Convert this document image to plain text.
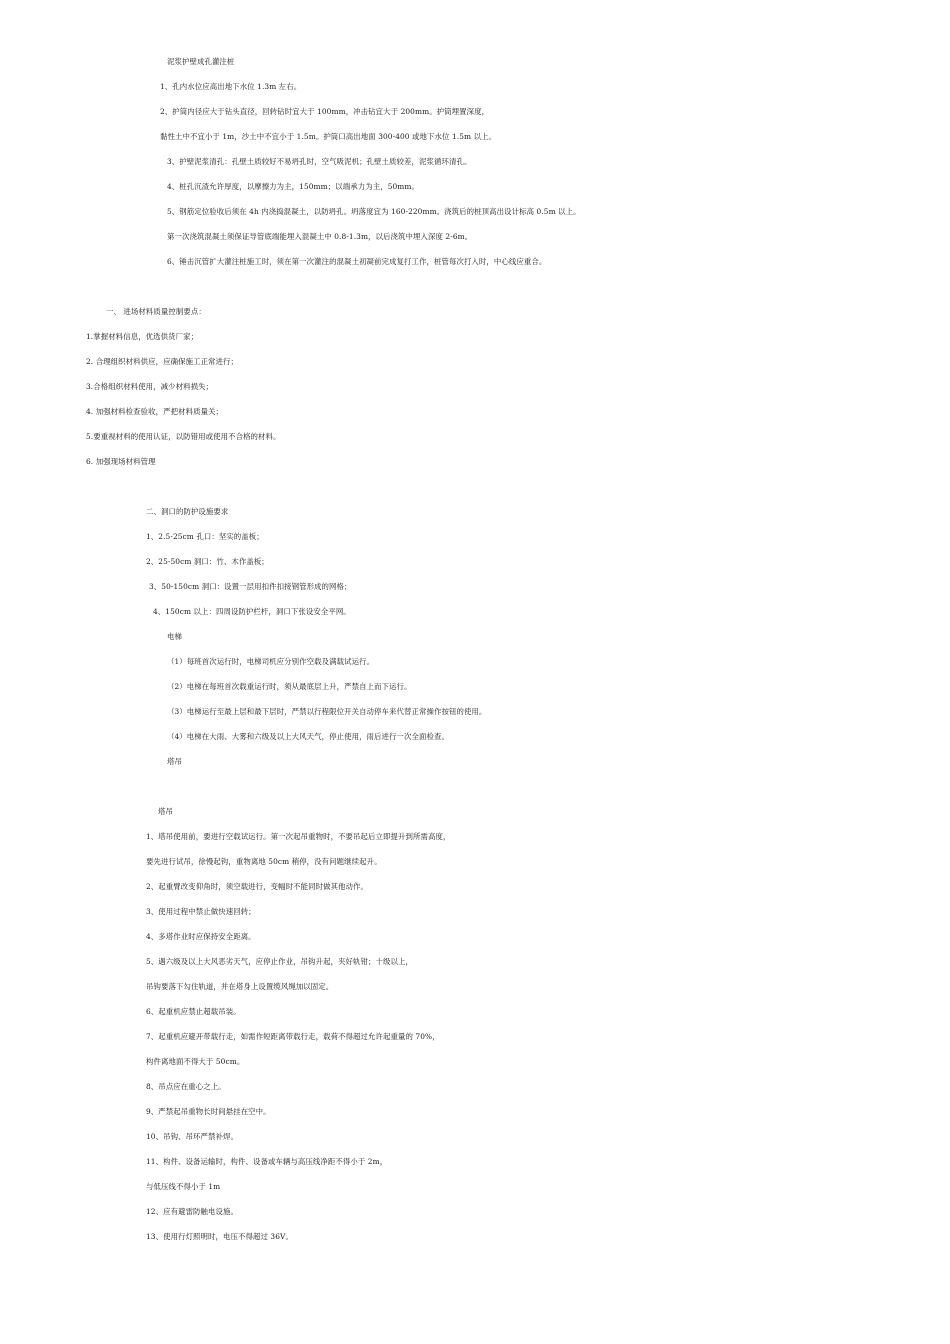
泥浆护壁成孔灌注桩
1、孔内水位应高出地下水位 1.3m 左右。
2、护筒内径应大于钻头直径，回转钻时宜大于 100mm，冲击钻宜大于 200mm。护筒埋置深度，
黏性土中不宜小于 1m，沙土中不宜小于 1.5m。护筒口高出地面 300-400 或地下水位 1.5m 以上。
3、护壁泥浆清孔：孔壁土质较好不易坍孔时，空气吸泥机；孔壁土质较差，泥浆循环清孔。
4、桩孔沉渣允许厚度，以摩擦力为主，150mm；以端承力为主，50mm。
5、钢筋定位验收后须在 4h 内浇捣混凝土，以防坍孔。坍落度宜为 160-220mm。浇筑后的桩顶高出设计标高 0.5m 以上。
第一次浇筑混凝土须保证导管底端能埋入混凝土中 0.8-1.3m，以后浇筑中埋入深度 2-6m。
6、锤击沉管扩大灌注桩施工时，须在第一次灌注的混凝土初凝前完成复打工作，桩管每次打入时，中心线应重合。
一、 进场材料质量控制要点：
1.掌握材料信息，优选供货厂家；
2. 合理组织材料供应，应确保施工正常进行；
3.合格组织材料使用，减少材料损失；
4. 加强材料检查验收，严把材料质量关；
5.要重视材料的使用认证，以防错用或使用不合格的材料。
6. 加强现场材料管理
二、洞口的防护设施要求
1、2.5-25cm 孔口：坚实的盖板；
2、25-50cm 洞口：竹、木作盖板；
3、50-150cm 洞口：设置一层用扣件扣接钢管形成的网格；
4、150cm 以上：四周设防护栏杆，洞口下张设安全平网。
电梯
（1）每班首次运行时，电梯司机应分别作空载及满载试运行。
（2）电梯在每班首次载重运行时，须从最底层上升，严禁自上而下运行。
（3）电梯运行至最上层和最下层时，严禁以行程限位开关自动停车来代替正常操作按钮的使用。
（4）电梯在大雨、大雾和六级及以上大风天气，停止使用，雨后进行一次全面检查。
塔吊
塔吊
1、塔吊使用前，要进行空载试运行。第一次起吊重物时，不要吊起后立即提升到所需高度，
要先进行试吊，徐慢起钩，重物离地 50cm 稍停，没有问题继续起升。
2、起重臂改变仰角时，须空载进行，变幅时不能同时做其他动作。
3、使用过程中禁止做快速回转；
4、多塔作业时应保持安全距离。
5、遇六级及以上大风恶劣天气，应停止作业，吊钩升起，夹好轨钳；十级以上，
吊钩要落下勾住轨道，并在塔身上设置缆风绳加以固定。
6、起重机应禁止超载吊装。
7、起重机应避开带载行走，如需作短距离带载行走，载荷不得超过允许起重量的 70%，
构件离地面不得大于 50cm。
8、吊点应在重心之上。
9、严禁起吊重物长时间悬挂在空中。
10、吊钩、吊环严禁补焊。
11、构件、设备运输时，构件、设备或车辆与高压线净距不得小于 2m，
与低压线不得小于 1m
12、应有避雷防触电设施。
13、使用行灯照明时，电压不得超过 36V。
